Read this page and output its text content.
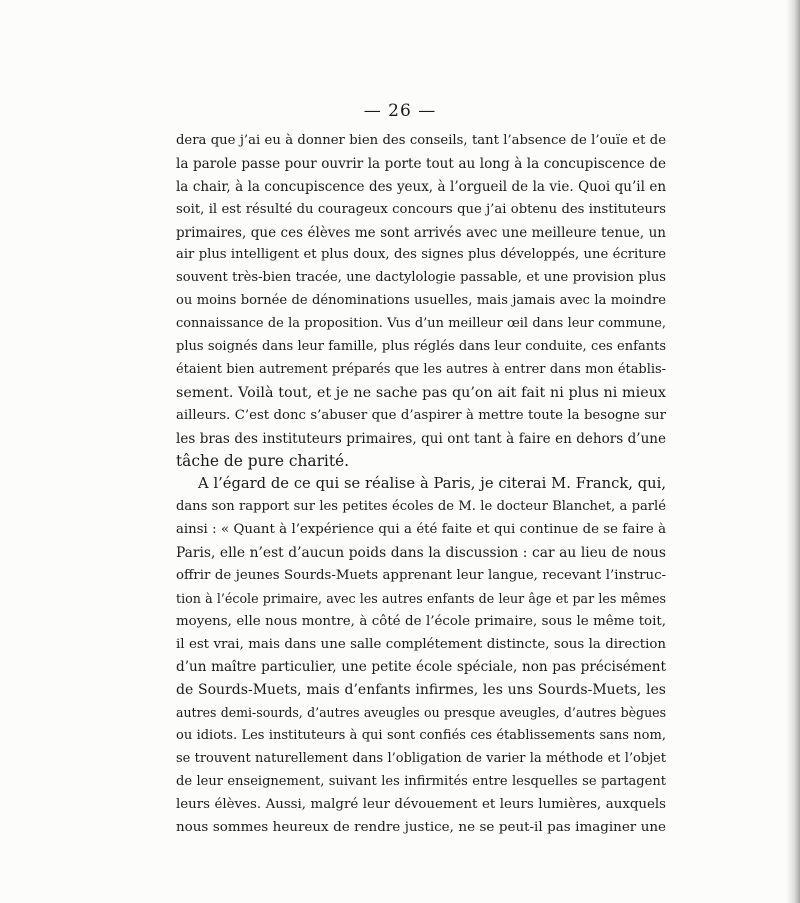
— 26 —
dera que j’ai eu à donner bien des conseils, tant l’absence de l’ouïe et de
la parole passe pour ouvrir la porte tout au long à la concupiscence de
la chair, à la concupiscence des yeux, à l’orgueil de la vie. Quoi qu’il en
soit, il est résulté du courageux concours que j’ai obtenu des instituteurs
primaires, que ces élèves me sont arrivés avec une meilleure tenue, un
air plus intelligent et plus doux, des signes plus développés, une écriture
souvent très-bien tracée, une dactylologie passable, et une provision plus
ou moins bornée de dénominations usuelles, mais jamais avec la moindre
connaissance de la proposition. Vus d’un meilleur œil dans leur commune,
plus soignés dans leur famille, plus réglés dans leur conduite, ces enfants
étaient bien autrement préparés que les autres à entrer dans mon établis-
sement. Voilà tout, et je ne sache pas qu’on ait fait ni plus ni mieux
ailleurs. C’est donc s’abuser que d’aspirer à mettre toute la besogne sur
les bras des instituteurs primaires, qui ont tant à faire en dehors d’une
tâche de pure charité.
A l’égard de ce qui se réalise à Paris, je citerai M. Franck, qui,
dans son rapport sur les petites écoles de M. le docteur Blanchet, a parlé
ainsi : « Quant à l’expérience qui a été faite et qui continue de se faire à
Paris, elle n’est d’aucun poids dans la discussion : car au lieu de nous
offrir de jeunes Sourds-Muets apprenant leur langue, recevant l’instruc-
tion à l’école primaire, avec les autres enfants de leur âge et par les mêmes
moyens, elle nous montre, à côté de l’école primaire, sous le même toit,
il est vrai, mais dans une salle complétement distincte, sous la direction
d’un maître particulier, une petite école spéciale, non pas précisément
de Sourds-Muets, mais d’enfants infirmes, les uns Sourds-Muets, les
autres demi-sourds, d’autres aveugles ou presque aveugles, d’autres bègues
ou idiots. Les instituteurs à qui sont confiés ces établissements sans nom,
se trouvent naturellement dans l’obligation de varier la méthode et l’objet
de leur enseignement, suivant les infirmités entre lesquelles se partagent
leurs élèves. Aussi, malgré leur dévouement et leurs lumières, auxquels
nous sommes heureux de rendre justice, ne se peut-il pas imaginer une
